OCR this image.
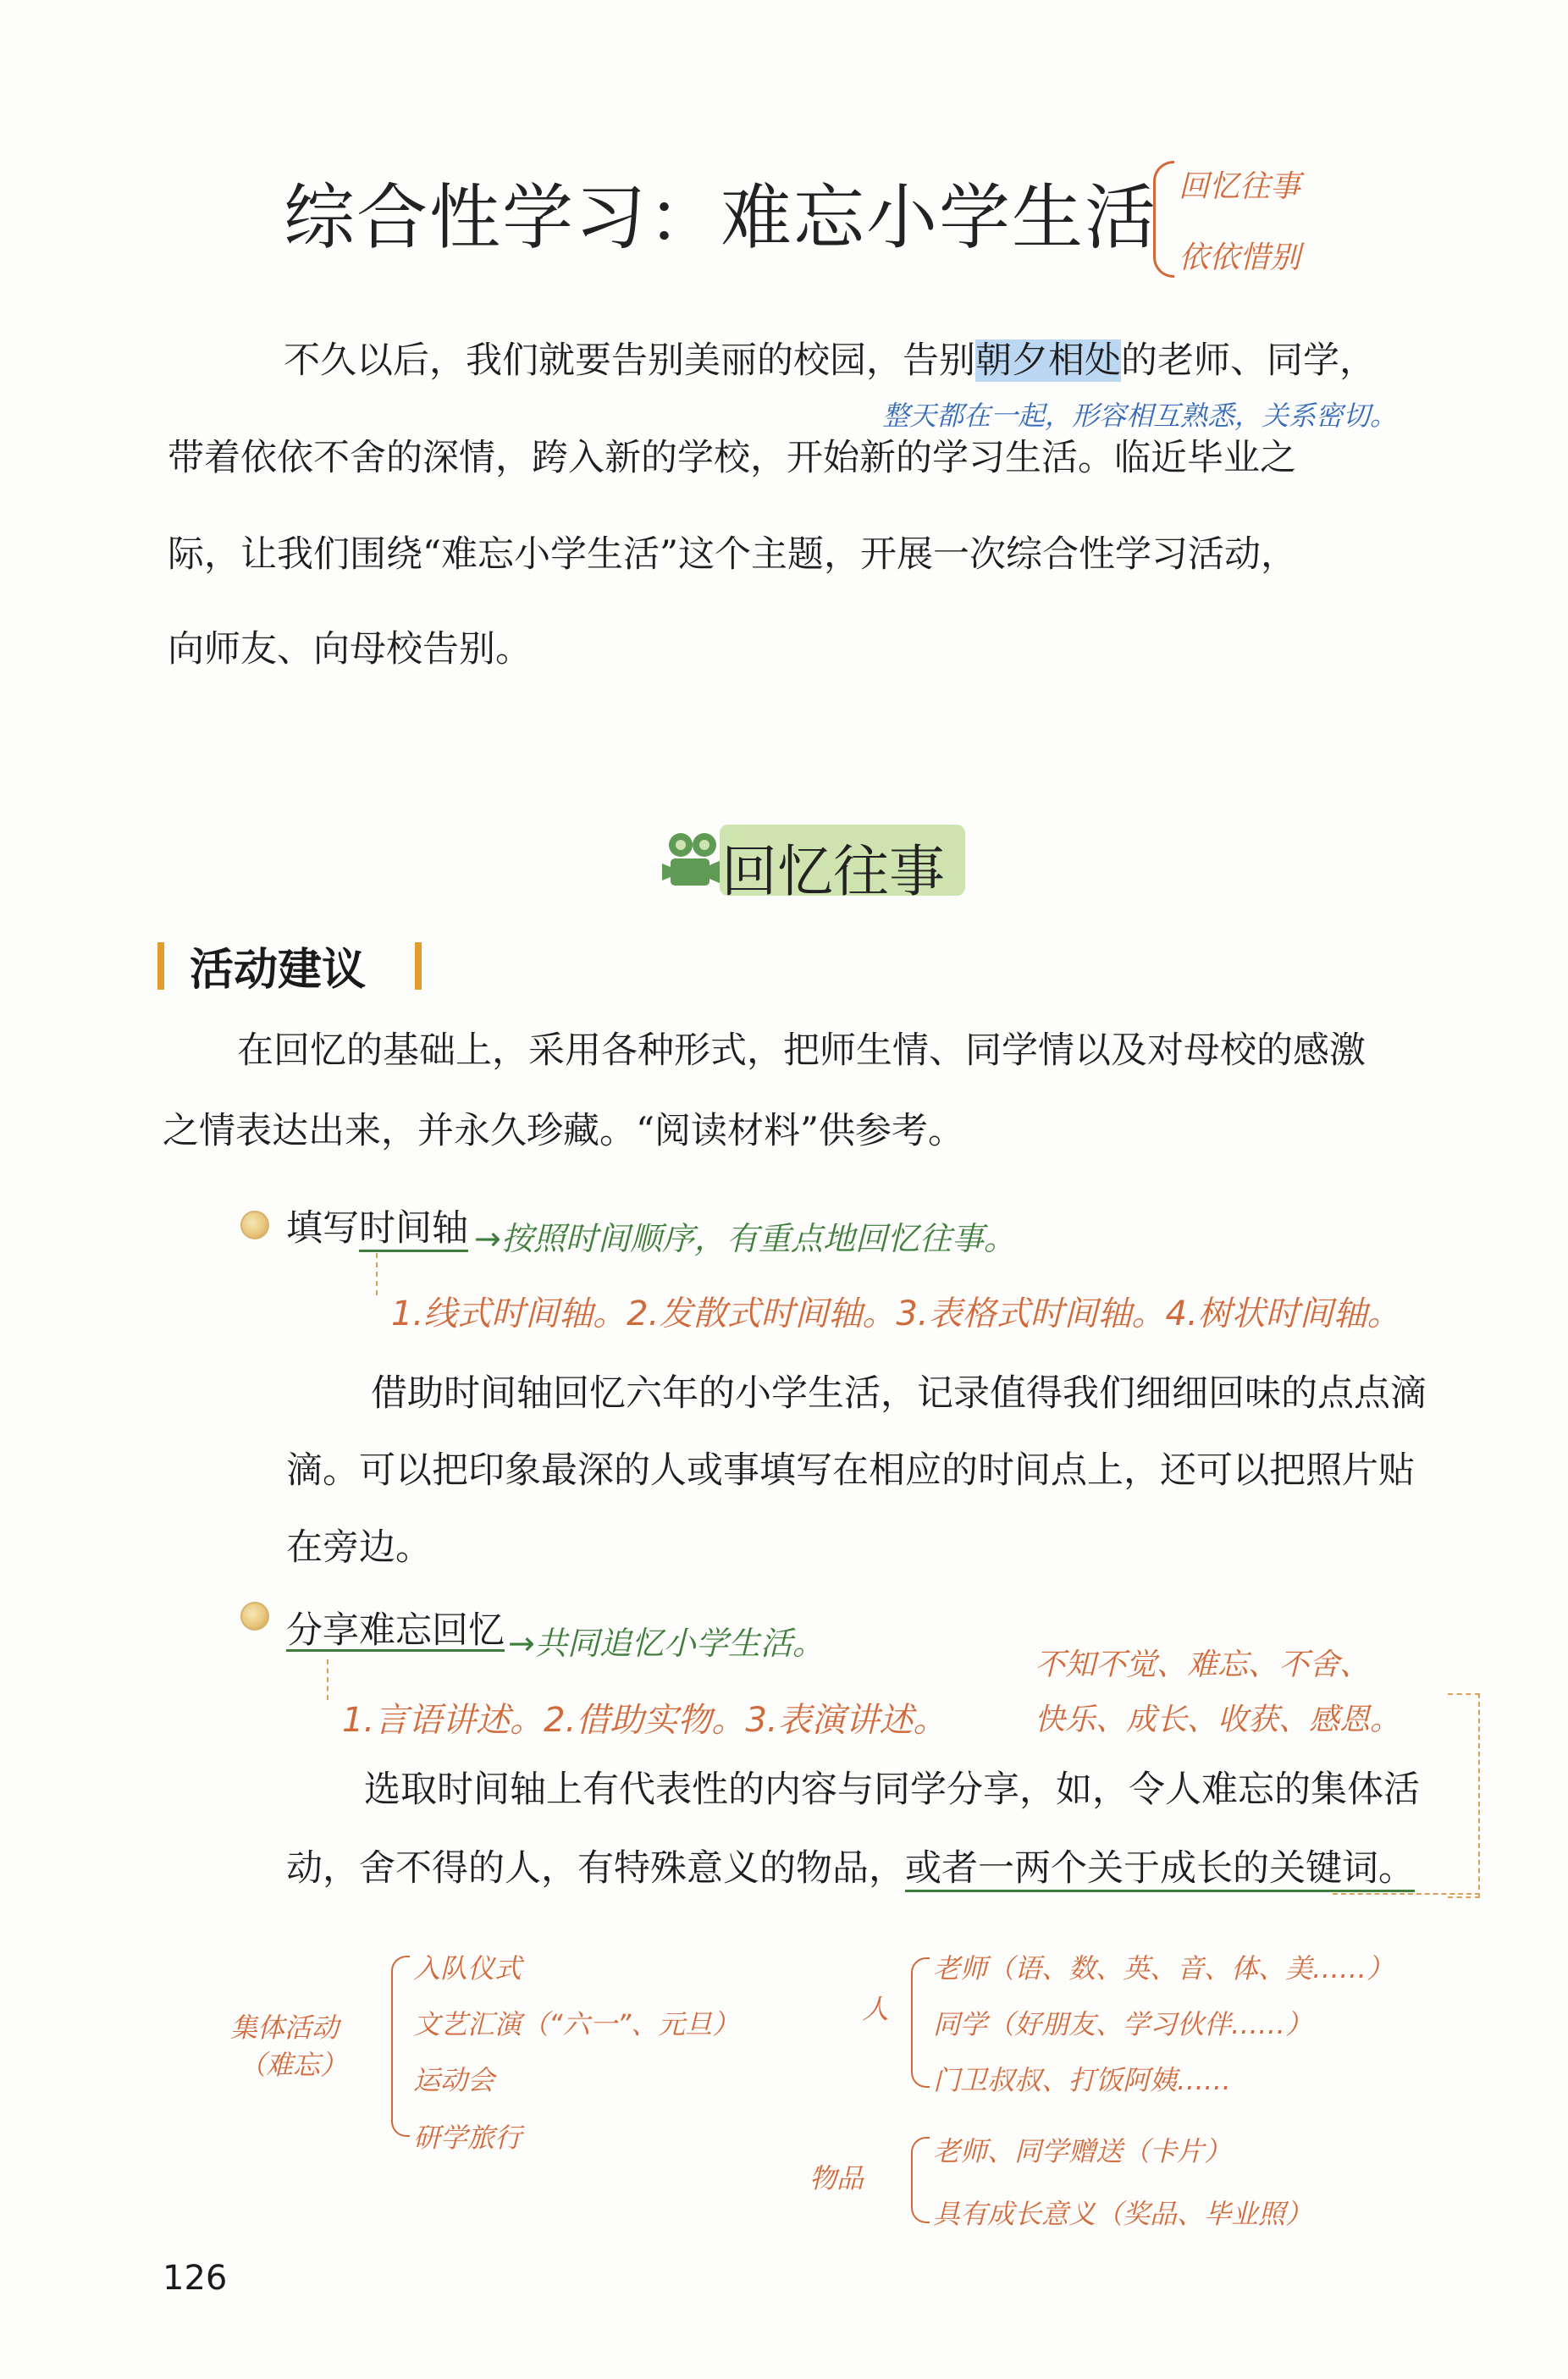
综合性学习：难忘小学生活 回忆往事
依依惜别
不久以后，我们就要告别美丽的校园，告别朝夕相处的老师、同学，
整天都在一起，形容相互熟悉，关系密切。
带着依依不舍的深情，跨入新的学校，开始新的学习生活。临近毕业之
际，让我们围绕“难忘小学生活”这个主题，开展一次综合性学习活动，
向师友、向母校告别。
回忆往事
活动建议
在回忆的基础上，采用各种形式，把师生情、同学情以及对母校的感激
之情表达出来，并永久珍藏。“阅读材料”供参考。
填写时间轴 →按照时间顺序，有重点地回忆往事。
1.线式时间轴。2.发散式时间轴。3.表格式时间轴。4.树状时间轴。
借助时间轴回忆六年的小学生活，记录值得我们细细回味的点点滴
滴。可以把印象最深的人或事填写在相应的时间点上，还可以把照片贴
在旁边。
分享难忘回忆 →共同追忆小学生活。
不知不觉、难忘、不舍、
1.言语讲述。2.借助实物。3.表演讲述。	快乐、成长、收获、感恩。
选取时间轴上有代表性的内容与同学分享，如，令人难忘的集体活
动，舍不得的人，有特殊意义的物品，或者一两个关于成长的关键词。
集体活动
（难忘）
入队仪式
文艺汇演（“六一”、元旦）
运动会
研学旅行
人
老师（语、数、英、音、体、美……）
同学（好朋友、学习伙伴……）
门卫叔叔、打饭阿姨……
物品
老师、同学赠送（卡片）
具有成长意义（奖品、毕业照）
126
